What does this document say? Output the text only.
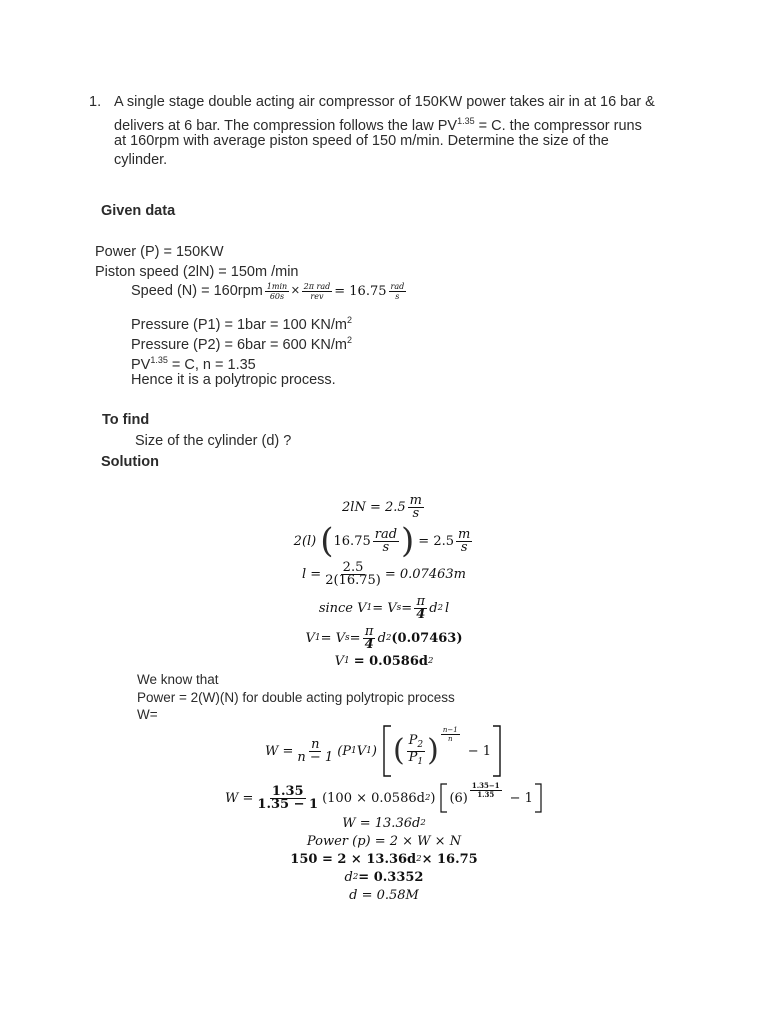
1. A single stage double acting air compressor of 150KW power takes air in at 16 bar &
delivers at 6 bar. The compression follows the law $PV^{1.35} = C$. the compressor runs
at 160rpm with average piston speed of 150 m/min. Determine the size of the
cylinder.
Given data
Power (P) = 150KW
Piston speed (2lN) = 150m /min
Speed $(N) = 160rpm \frac{1\min}{60s} \times \frac{\text{2π rad}}{\text{rev}} = 16.75 \frac{\text{rad}}{s}$
Pressure (P1) = 1bar = 100 $KN/m^2$
Pressure (P2) = 6bar = 600 $KN/m^2$
$PV^{1.35} = C$, n = 1.35
Hence it is a polytropic process.
To find
Size of the cylinder (d) ?
Solution
$2lN = 2.5 \frac{m}{s}$
2(l) ( $16.75 \frac{\text{rad}}{s}$ ) = $2.5 \frac{m}{s}$
$l = \frac{2.5}{2(16.75)} = 0.07463m$
since V 1 = V $s = \frac{\pi}{4}$ d 2 l
V 1 = V $s = \frac{\pi}{4}$ d 2 (0.07463)
V 1 = 0.0586d 2
We know that
Power = 2(W)(N) for double acting polytropic process
W=
$W = \frac{n}{n - 1} (P$ 1 V 1 ) ( $\frac{P_2}{P_1}$ ) $\frac{n-1}{n}$
− 1
$W = \frac{1.35}{1.35 - 1} (100 \times 0.0586d$ 2 ) $(6) \frac{1.35-1}{1.35} - 1$
W = 13.36d 2
Power (p) = 2 × W × N
150 = 2 × 13.36d 2 × 16.75
d 2 = 0.3352
d = 0.58M
